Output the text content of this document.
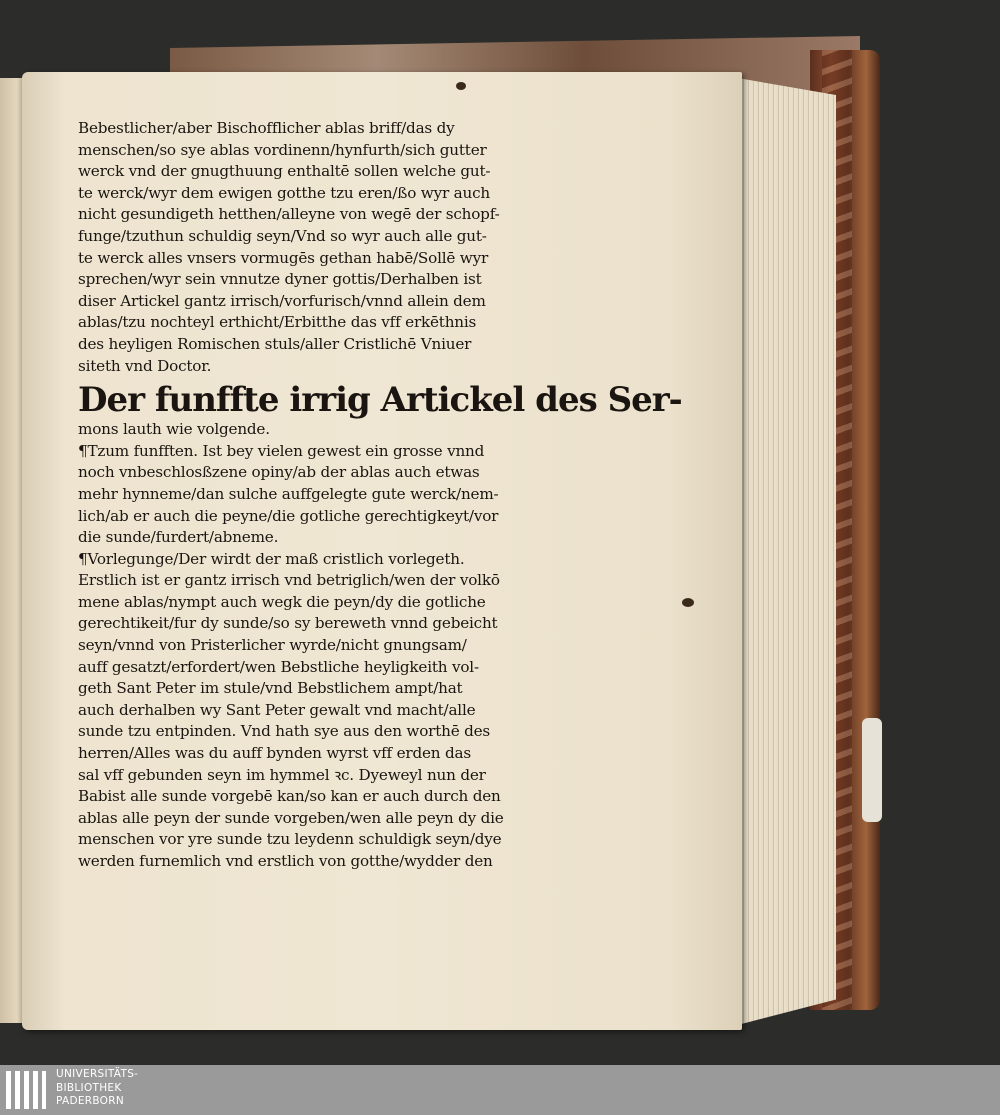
Bebestlicher/aber Bischofflicher ablas briff/das dy
menschen/so sye ablas vordinenn/hynfurth/sich gutter
werck vnd der gnugthuung enthaltē sollen welche gut-
te werck/wyr dem ewigen gotthe tzu eren/ßo wyr auch
nicht gesundigeth hetthen/alleyne von wegē der schopf-
funge/tzuthun schuldig seyn/Vnd so wyr auch alle gut-
te werck alles vnsers vormugēs gethan habē/Sollē wyr
sprechen/wyr sein vnnutze dyner gottis/Derhalben ist
diser Artickel gantz irrisch/vorfurisch/vnnd allein dem
ablas/tzu nochteyl erthicht/Erbitthe das vff erkēthnis
des heyligen Romischen stuls/aller Cristlichē Vniuer
siteth vnd Doctor.
Der funffte irrig Artickel des Ser-
mons lauth wie volgende.
¶Tzum funfften. Ist bey vielen gewest ein grosse vnnd
noch vnbeschlosßzene opiny/ab der ablas auch etwas
mehr hynneme/dan sulche auffgelegte gute werck/nem-
lich/ab er auch die peyne/die gotliche gerechtigkeyt/vor
die sunde/furdert/abneme.
¶Vorlegunge/Der wirdt der maß cristlich vorlegeth.
Erstlich ist er gantz irrisch vnd betriglich/wen der volkō
mene ablas/nympt auch wegk die peyn/dy die gotliche
gerechtikeit/fur dy sunde/so sy bereweth vnnd gebeicht
seyn/vnnd von Pristerlicher wyrde/nicht gnungsam/
auff gesatzt/erfordert/wen Bebstliche heyligkeith vol-
geth Sant Peter im stule/vnd Bebstlichem ampt/hat
auch derhalben wy Sant Peter gewalt vnd macht/alle
sunde tzu entpinden. Vnd hath sye aus den worthē des
herren/Alles was du auff bynden wyrst vff erden das
sal vff gebunden seyn im hymmel ꝛc. Dyeweyl nun der
Babist alle sunde vorgebē kan/so kan er auch durch den
ablas alle peyn der sunde vorgeben/wen alle peyn dy die
menschen vor yre sunde tzu leydenn schuldigk seyn/dye
werden furnemlich vnd erstlich von gotthe/wydder den
UNIVERSITÄTS-
BIBLIOTHEK
PADERBORN
